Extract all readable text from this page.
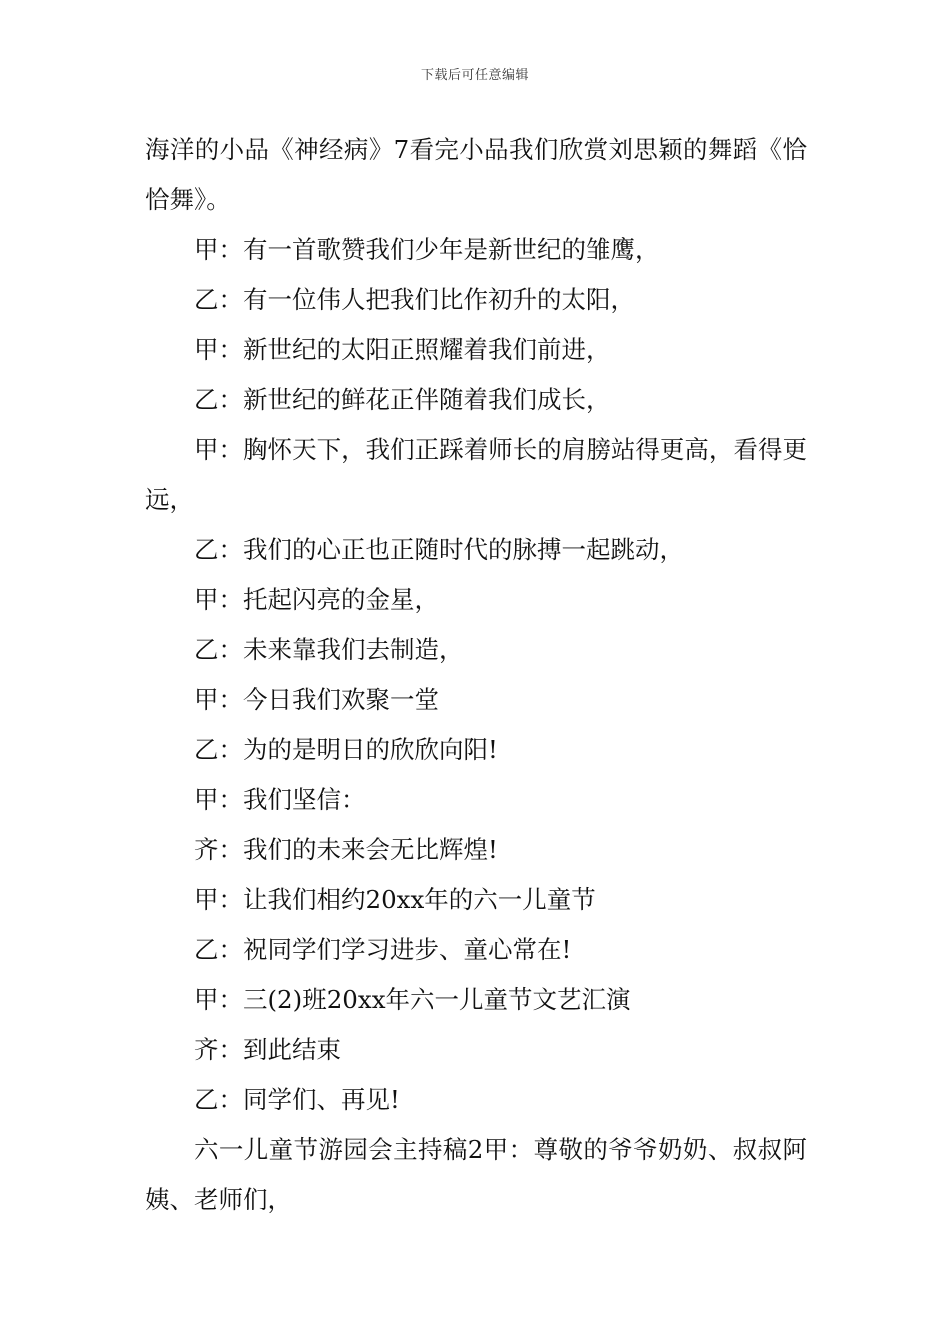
下载后可任意编辑

海洋的小品《神经病》7看完小品我们欣赏刘思颖的舞蹈《恰恰舞》。

甲：有一首歌赞我们少年是新世纪的雏鹰，

乙：有一位伟人把我们比作初升的太阳，

甲：新世纪的太阳正照耀着我们前进，

乙：新世纪的鲜花正伴随着我们成长，

甲：胸怀天下，我们正踩着师长的肩膀站得更高，看得更远，

乙：我们的心正也正随时代的脉搏一起跳动，

甲：托起闪亮的金星，

乙：未来靠我们去制造，

甲：今日我们欢聚一堂

乙：为的是明日的欣欣向阳!

甲：我们坚信：

齐：我们的未来会无比辉煌!

甲：让我们相约20xx年的六一儿童节

乙：祝同学们学习进步、童心常在!

甲：三(2)班20xx年六一儿童节文艺汇演

齐：到此结束

乙：同学们、再见!

六一儿童节游园会主持稿2甲：尊敬的爷爷奶奶、叔叔阿姨、老师们，
